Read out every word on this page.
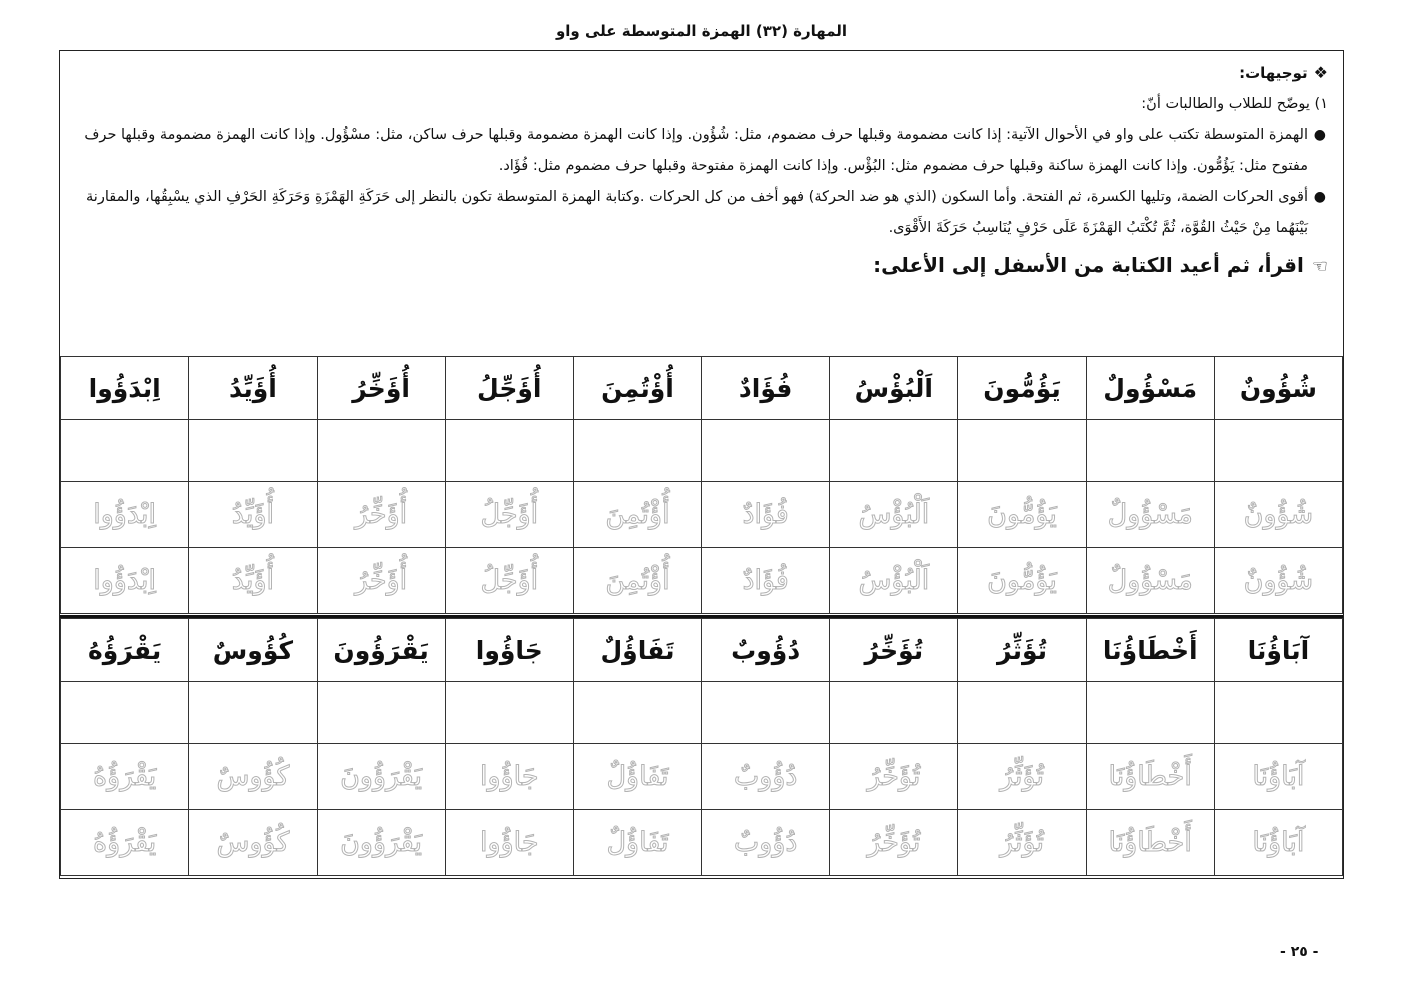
المهارة (٣٢) الهمزة المتوسطة على واو
❖توجيهات:
١) يوضّح للطلاب والطالبات أنّ:
●
الهمزة المتوسطة تكتب على واو في الأحوال الآتية: إذا كانت مضمومة وقبلها حرف مضموم، مثل: شُؤُون. وإذا كانت الهمزة مضمومة وقبلها حرف ساكن، مثل: مسْؤُول. وإذا كانت الهمزة مضمومة وقبلها حرف مفتوح مثل: يَؤُمُّون. وإذا كانت الهمزة ساكنة وقبلها حرف مضموم مثل: البُؤْس. وإذا كانت الهمزة مفتوحة وقبلها حرف مضموم مثل: فُؤَاد.
●
أقوى الحركات الضمة، وتليها الكسرة، ثم الفتحة. وأما السكون (الذي هو ضد الحركة) فهو أخف من كل الحركات .وكتابة الهمزة المتوسطة تكون بالنظر إلى حَرَكَةِ الهَمْزَةِ وَحَرَكَةِ الحَرْفِ الذي يسْبِقُها، والمقارنة بَيْنَهُما مِنْ حَيْثُ القُوَّة، ثُمَّ تُكْتَبُ الهَمْزَةَ عَلَى حَرْفٍ يُنَاسِبُ حَرَكَةَ الأَقْوَى.
☜اقرأ، ثم أعيد الكتابة من الأسفل إلى الأعلى:
شُؤُونٌ	مَسْؤُولٌ	يَؤُمُّونَ	اَلْبُؤْسُ	فُؤَادٌ	أُؤْتُمِنَ	أُؤَجِّلُ	أُؤَخِّرُ	أُؤَيِّدُ	اِبْدَؤُوا

شُؤُونٌ	مَسْؤُولٌ	يَؤُمُّونَ	اَلْبُؤْسُ	فُؤَادٌ	أُؤْتُمِنَ	أُؤَجِّلُ	أُؤَخِّرُ	أُؤَيِّدُ	اِبْدَؤُوا
شُؤُونٌ	مَسْؤُولٌ	يَؤُمُّونَ	اَلْبُؤْسُ	فُؤَادٌ	أُؤْتُمِنَ	أُؤَجِّلُ	أُؤَخِّرُ	أُؤَيِّدُ	اِبْدَؤُوا
آبَاؤُنَا	أَخْطَاؤُنَا	تُؤَثِّرُ	تُؤَخِّرُ	دُؤُوبٌ	تَفَاؤُلٌ	جَاؤُوا	يَقْرَؤُونَ	كُؤُوسٌ	يَقْرَؤُهُ

آبَاؤُنَا	أَخْطَاؤُنَا	تُؤَثِّرُ	تُؤَخِّرُ	دُؤُوبٌ	تَفَاؤُلٌ	جَاؤُوا	يَقْرَؤُونَ	كُؤُوسٌ	يَقْرَؤُهُ
آبَاؤُنَا	أَخْطَاؤُنَا	تُؤَثِّرُ	تُؤَخِّرُ	دُؤُوبٌ	تَفَاؤُلٌ	جَاؤُوا	يَقْرَؤُونَ	كُؤُوسٌ	يَقْرَؤُهُ
- ٢٥ -
